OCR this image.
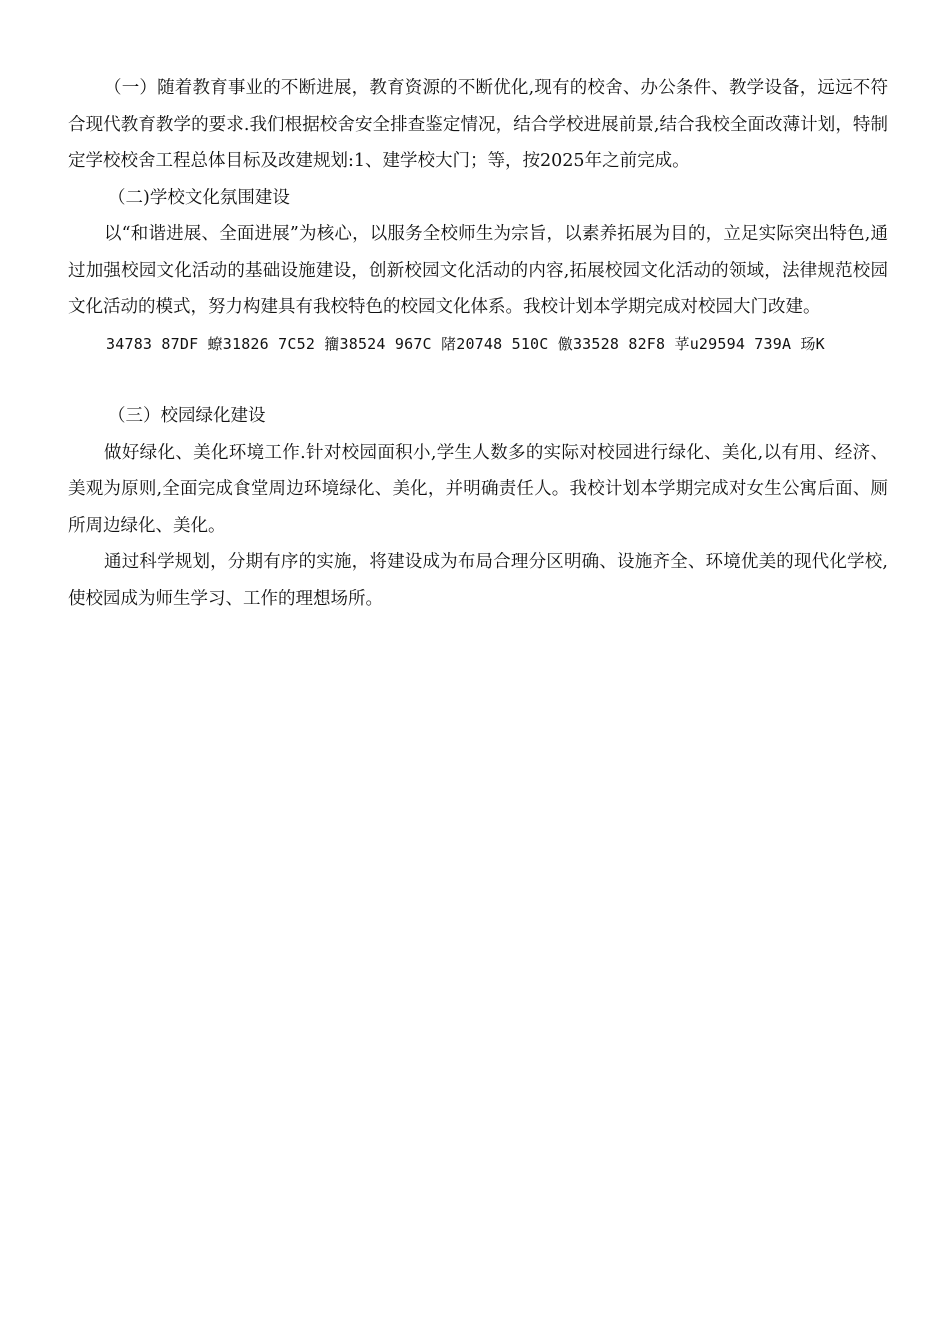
（一）随着教育事业的不断进展，教育资源的不断优化,现有的校舍、办公条件、教学设备，远远不符合现代教育教学的要求.我们根据校舍安全排查鉴定情况，结合学校进展前景,结合我校全面改薄计划，特制定学校校舍工程总体目标及改建规划:1、建学校大门；等，按2025年之前完成。

（二)学校文化氛围建设

以“和谐进展、全面进展”为核心，以服务全校师生为宗旨，以素养拓展为目的，立足实际突出特色,通过加强校园文化活动的基础设施建设，创新校园文化活动的内容,拓展校园文化活动的领域，法律规范校园文化活动的模式，努力构建具有我校特色的校园文化体系。我校计划本学期完成对校园大门改建。

34783 87DF 蟟31826 7C52 籒38524 967C 陼20748 510C 儌33528 82F8 苸u29594 739A 玚K

（三）校园绿化建设

做好绿化、美化环境工作.针对校园面积小,学生人数多的实际对校园进行绿化、美化,以有用、经济、美观为原则,全面完成食堂周边环境绿化、美化，并明确责任人。我校计划本学期完成对女生公寓后面、厕所周边绿化、美化。

通过科学规划，分期有序的实施，将建设成为布局合理分区明确、设施齐全、环境优美的现代化学校,使校园成为师生学习、工作的理想场所。
